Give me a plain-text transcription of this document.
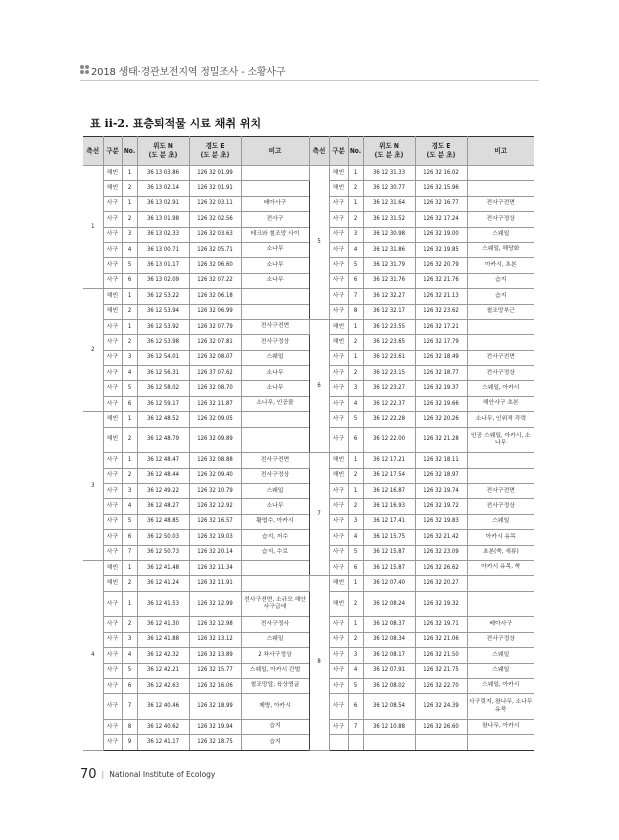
2018 생태·경관보전지역 정밀조사 - 소황사구
표 ⅱ-2. 표층퇴적물 시료 채취 위치
측선	구분	No.	위도 N
(도 분 초)	경도 E
(도 분 초)	비고	측선	구분	No.	위도 N
(도 분 초)	경도 E
(도 분 초)	비고
1	해빈	1	36 13 03.86	126 32 01.99		5	해빈	1	36 12 31.33	126 32 16.02	
	해빈	2	36 13 02.14	126 32 01.91			해빈	2	36 12 30.77	126 32 15.96	
	사구	1	36 13 02.91	126 32 03.11	배아사구		사구	1	36 12 31.64	126 32 16.77	전사구전면
	사구	2	36 13 01.98	126 32 02.56	전사구		사구	2	36 12 31.52	126 32 17.24	전사구정상
	사구	3	36 13 02.33	126 32 03.63	테크와 철조망 사이		사구	3	36 12 30.98	126 32 19.00	스웨일
	사구	4	36 13 00.71	126 32 05.71	소나무		사구	4	36 12 31.86	126 32 19.85	스웨일, 해당화
	사구	5	36 13 01.17	126 32 06.60	소나무		사구	5	36 12 31.79	126 32 20.79	아카시, 초본
	사구	6	36 13 02.09	126 32 07.22	소나무		사구	6	36 12 31.76	126 32 21.76	습지
2	해빈	1	36 12 53.22	126 32 06.18			사구	7	36 12 32.27	126 32 21.13	습지
	해빈	2	36 12 53.94	126 32 06.99			사구	8	36 12 32.17	126 32 23.62	철조망부근
	사구	1	36 12 53.92	126 32 07.79	전사구전면	6	해빈	1	36 12 23.55	126 32 17.21	
	사구	2	36 12 53.98	126 32 07.81	전사구정상		해빈	2	36 12 23.65	126 32 17.79	
	사구	3	36 12 54.01	126 32 08.07	스웨일		사구	1	36 12 23.61	126 32 18.49	전사구전면
	사구	4	36 12 56.31	126 37 07.62	소나무		사구	2	36 12 23.15	126 32 18.77	전사구정상
	사구	5	36 12 58.02	126 32 08.70	소나무		사구	3	36 12 23.27	126 32 19.37	스웨일, 아카시
	사구	6	36 12 59.17	126 32 11.87	소나무, 인공물		사구	4	36 12 22.37	126 32 19.66	해안사구 초본
3	해빈	1	36 12 48.52	126 32 09.05			사구	5	36 12 22.28	126 32 20.26	소나무, 인위적 각력
	해빈	2	36 12 48.79	126 32 09.89			사구	6	36 12 22.00	126 32 21.28	인공 스웨일, 아카시, 소나무
	사구	1	36 12 48.47	126 32 08.88	전사구전면	7	해빈	1	36 12 17.21	126 32 18.11	
	사구	2	36 12 48.44	126 32 09.40	전사구정상		해빈	2	36 12 17.54	126 32 18.97	
	사구	3	36 12 49.22	126 32 10.79	스웨일		사구	1	36 12 16.87	126 32 19.74	전사구전면
	사구	4	36 12 48.27	126 32 12.92	소나무		사구	2	36 12 16.93	126 32 19.72	전사구정상
	사구	5	36 12 48.85	126 32 16.57	활엽수, 아카시		사구	3	36 12 17.41	126 32 19.83	스웨일
	사구	6	36 12 50.03	126 32 19.03	습지, 저수		사구	4	36 12 15.75	126 32 21.42	아카시 유목
	사구	7	36 12 50.73	126 32 20.14	습지, 수로		사구	5	36 12 15.87	126 32 23.09	초본(쑥, 새류)
4	해빈	1	36 12 41.48	126 32 11.34			사구	6	36 12 15.87	126 32 26.62	아카시 유목, 쑥
	해빈	2	36 12 41.24	126 32 11.91		8	해빈	1	36 12 07.40	126 32 20.27	
	사구	1	36 12 41.53	126 32 12.99	전사구전면, 소규모 해안사구급애		해빈	2	36 12 08.24	126 32 19.32	
	사구	2	36 12 41.30	126 32 12.98	전사구정사		사구	1	36 12 08.37	126 32 19.71	배아사구
	사구	3	36 12 41.88	126 32 13.12	스웨일		사구	2	36 12 08.34	126 32 21.06	전사구정상
	사구	4	36 12 42.32	126 32 13.89	2 차사구정상		사구	3	36 12 08.17	126 32 21.50	스웨일
	사구	5	36 12 42.21	126 32 15.77	스웨일, 아카시 간벌		사구	4	36 12 07.91	126 32 21.75	스웨일
	사구	6	36 12 42.63	126 32 16.06	철조망앞, 육상명글		사구	5	36 12 08.02	126 32 22.70	스웨일, 아카시
	사구	7	36 12 40.46	126 32 18.99	제방, 아카시		사구	6	36 12 08.54	126 32 24.39	사구릿지, 참나무, 소나무 유묵
	사구	8	36 12 40.62	126 32 19.94	습지		사구	7	36 12 10.88	126 32 26.60	참나무, 아카시
	사구	9	36 12 41.17	126 32 18.75	습지						
70 | National Institute of Ecology
